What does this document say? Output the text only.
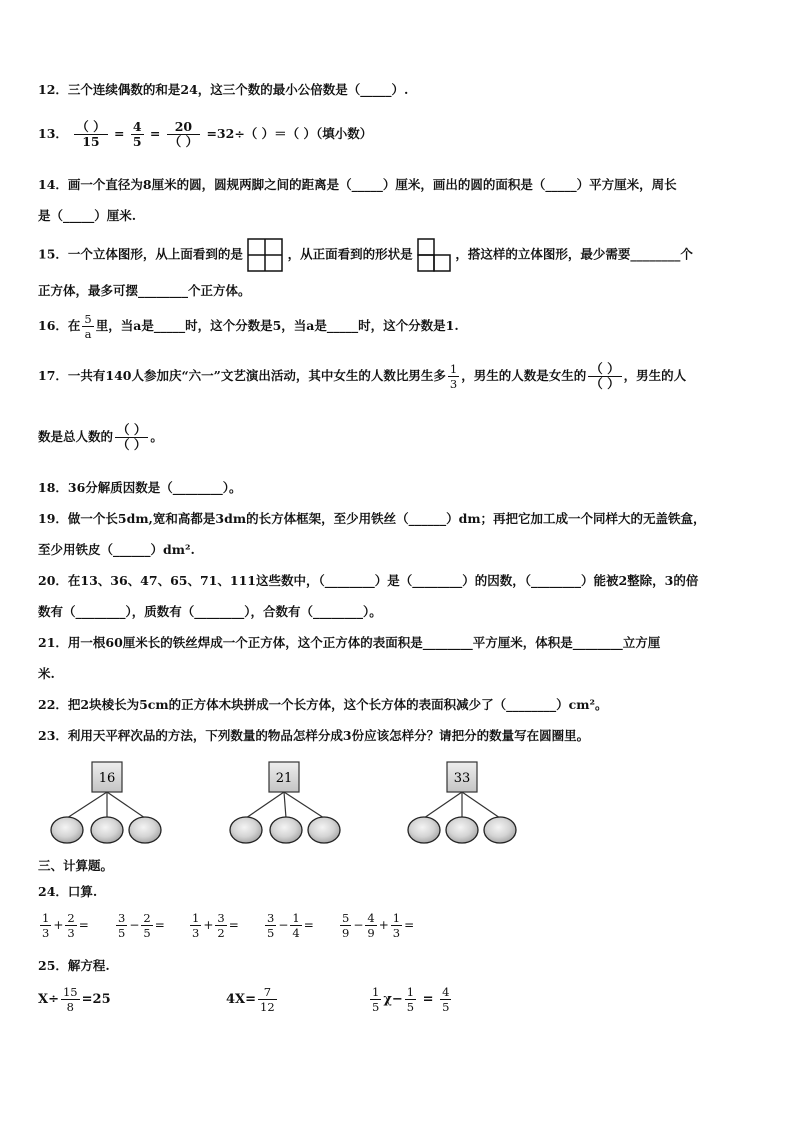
12．三个连续偶数的和是24，这三个数的最小公倍数是（_____）.
13． $\frac{( )}{15} = \frac{4}{5} = \frac{20}{( )} =32\div$（ ）＝（ ）（填小数）
14．画一个直径为8厘米的圆，圆规两脚之间的距离是（_____）厘米，画出的圆的面积是（_____）平方厘米，周长
是（_____）厘米.
15．一个立体图形，从上面看到的是	，从正面看到的形状是	，搭这样的立体图形，最少需要________个
正方体，最多可摆________个正方体。
16．在 $\frac{5}{a}$ 里，当a是_____时，这个分数是5，当a是_____时，这个分数是1.
17．一共有140人参加庆“六一”文艺演出活动，其中女生的人数比男生多 $\frac{1}{3}$ ，男生的人数是女生的 $\frac{( )}{( )}$ ，男生的人
数是总人数的 $\frac{( )}{( )}$ 。
18．36分解质因数是（________）。
19．做一个长5dm,宽和高都是3dm的长方体框架，至少用铁丝（______）dm；再把它加工成一个同样大的无盖铁盒，
至少用铁皮（______）dm².
20．在13、36、47、65、71、111这些数中，（________）是（________）的因数，（________）能被2整除，3的倍
数有（________），质数有（________），合数有（________）。
21．用一根60厘米长的铁丝焊成一个正方体，这个正方体的表面积是________平方厘米，体积是________立方厘
米.
22．把2块棱长为5cm的正方体木块拼成一个长方体，这个长方体的表面积减少了（________）cm²。
23．利用天平秤次品的方法，下列数量的物品怎样分成3份应该怎样分？请把分的数量写在圆圈里。
16	21	33
三、计算题。
24．口算.
$\frac{1}{3} + \frac{2}{3} = \frac{3}{5} - \frac{2}{5} = \frac{1}{3} + \frac{3}{2} = \frac{3}{5} - \frac{1}{4} = \frac{5}{9} - \frac{4}{9} + \frac{1}{3}$ =
25．解方程.
$X\div \frac{15}{8} =25$	$4X= \frac{7}{12}$	$\frac{1}{5} \chi- \frac{1}{5} = \frac{4}{5}$
